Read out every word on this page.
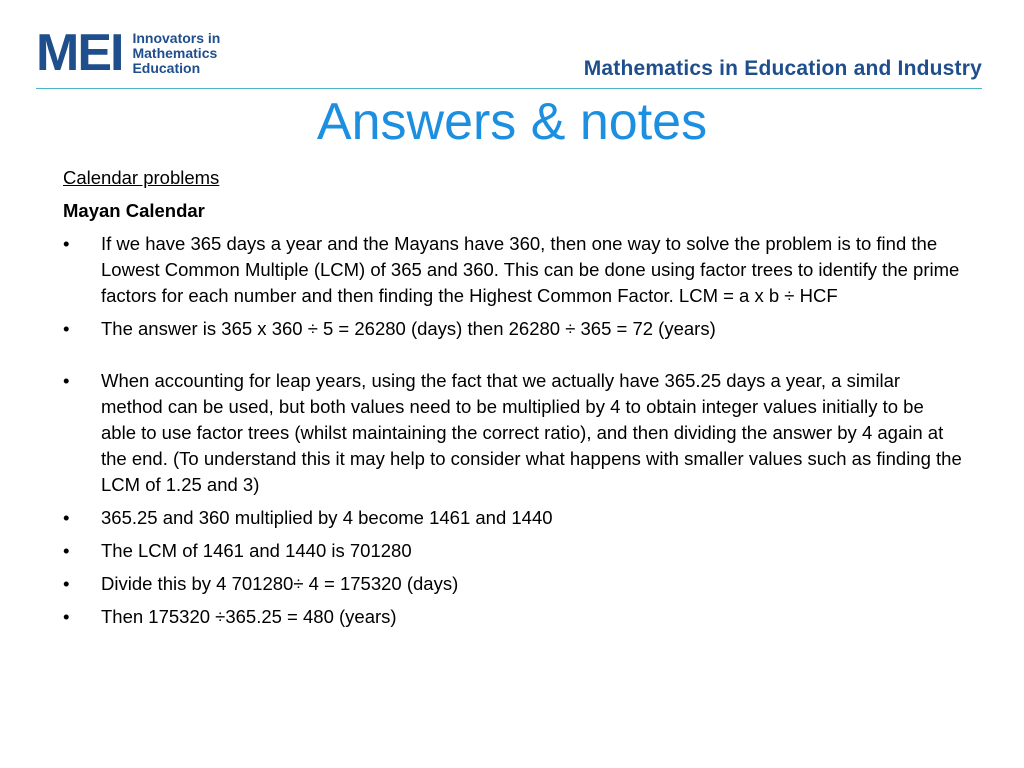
MEI Innovators in
Mathematics
Education	Mathematics in Education and Industry
Answers & notes
Calendar problems
Mayan Calendar
• If we have 365 days a year and the Mayans have 360, then one way to solve the problem is to find the Lowest Common Multiple (LCM) of 365 and 360. This can be done using factor trees to identify the prime factors for each number and then finding the Highest Common Factor. LCM = a x b ÷ HCF
• The answer is 365 x 360 ÷ 5 = 26280 (days) then 26280 ÷ 365 = 72 (years)
• When accounting for leap years, using the fact that we actually have 365.25 days a year, a similar method can be used, but both values need to be multiplied by 4 to obtain integer values initially to be able to use factor trees (whilst maintaining the correct ratio), and then dividing the answer by 4 again at the end. (To understand this it may help to consider what happens with smaller values such as finding the LCM of 1.25 and 3)
• 365.25 and 360 multiplied by 4 become 1461 and 1440
• The LCM of 1461 and 1440 is 701280
• Divide this by 4 701280÷ 4 = 175320 (days)
• Then 175320 ÷365.25 = 480 (years)
